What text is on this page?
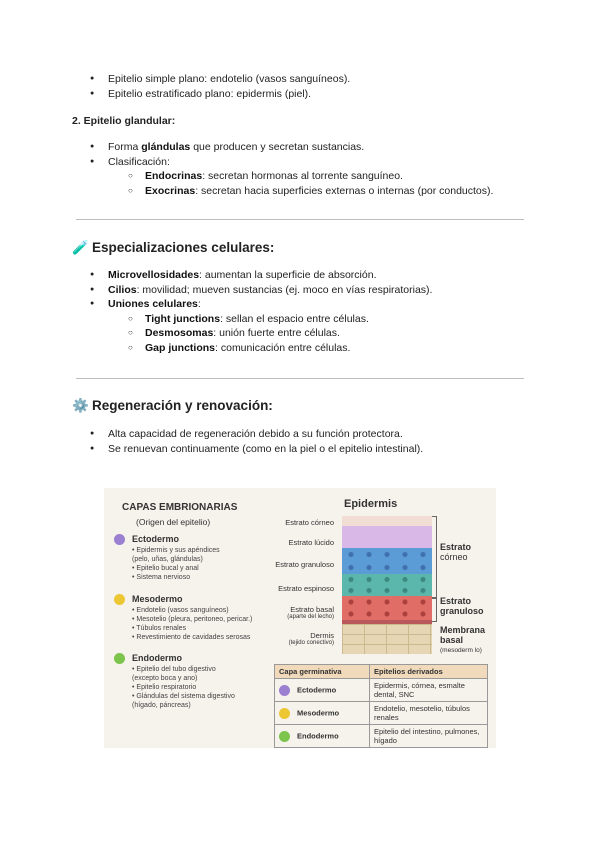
● Epitelio simple plano: endotelio (vasos sanguíneos).
● Epitelio estratificado plano: epidermis (piel).
2. Epitelio glandular:
● Forma glándulas que producen y secretan sustancias.
● Clasificación:
○ Endocrinas: secretan hormonas al torrente sanguíneo.
○ Exocrinas: secretan hacia superficies externas o internas (por conductos).
🧪 Especializaciones celulares:
● Microvellosidades: aumentan la superficie de absorción.
● Cilios: movilidad; mueven sustancias (ej. moco en vías respiratorias).
● Uniones celulares:
○ Tight junctions: sellan el espacio entre células.
○ Desmosomas: unión fuerte entre células.
○ Gap junctions: comunicación entre células.
⚙️ Regeneración y renovación:
● Alta capacidad de regeneración debido a su función protectora.
● Se renuevan continuamente (como en la piel o el epitelio intestinal).
CAPAS EMBRIONARIAS
(Origen del epitelio)
Ectodermo
• Epidermis y sus apéndices
(pelo, uñas, glándulas)
• Epitelio bucal y anal
• Sistema nervioso
Mesodermo
• Endotelio (vasos sanguíneos)
• Mesotelio (pleura, peritoneo, pericar.)
• Túbulos renales
• Revestimiento de cavidades serosas
Endodermo
• Epitelio del tubo digestivo
(excepto boca y ano)
• Epitelio respiratorio
• Glándulas del sistema digestivo
(hígado, páncreas)
Epidermis
Estrato córneo
Estrato lúcido
Estrato granuloso
Estrato espinoso
Estrato basal
(aparte del lecho)
Dermis
(tejido conectivo)
Estrato
córneo
Estrato
granuloso
Membrana
basal
(mesoderm lo)
Capa germinativa	Epitelios derivados
Ectodermo	Epidermis, córnea, esmalte dental, SNC
Mesodermo	Endotelio, mesotelio, túbulos renales
Endodermo	Epitelio del intestino, pulmones, hígado
